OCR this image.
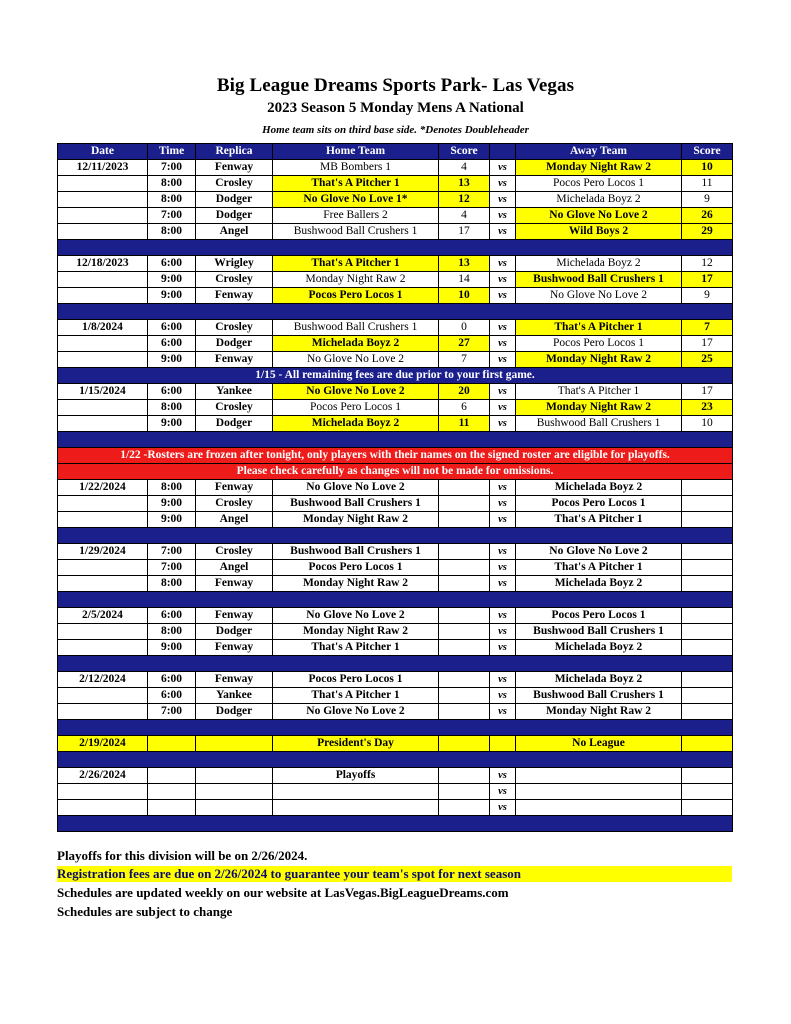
Big League Dreams Sports Park- Las Vegas
2023 Season 5 Monday Mens A National
Home team sits on third base side. *Denotes Doubleheader
Date	Time	Replica	Home Team	Score		Away Team	Score
12/11/2023	7:00	Fenway	MB Bombers 1	4	vs	Monday Night Raw 2	10
	8:00	Crosley	That's A Pitcher 1	13	vs	Pocos Pero Locos 1	11
	8:00	Dodger	No Glove No Love 1*	12	vs	Michelada Boyz 2	9
	7:00	Dodger	Free Ballers 2	4	vs	No Glove No Love 2	26
	8:00	Angel	Bushwood Ball Crushers 1	17	vs	Wild Boys 2	29

12/18/2023	6:00	Wrigley	That's A Pitcher 1	13	vs	Michelada Boyz 2	12
	9:00	Crosley	Monday Night Raw 2	14	vs	Bushwood Ball Crushers 1	17
	9:00	Fenway	Pocos Pero Locos 1	10	vs	No Glove No Love 2	9

1/8/2024	6:00	Crosley	Bushwood Ball Crushers 1	0	vs	That's A Pitcher 1	7
	6:00	Dodger	Michelada Boyz 2	27	vs	Pocos Pero Locos 1	17
	9:00	Fenway	No Glove No Love 2	7	vs	Monday Night Raw 2	25
1/15 - All remaining fees are due prior to your first game.							
1/15/2024	6:00	Yankee	No Glove No Love 2	20	vs	That's A Pitcher 1	17
	8:00	Crosley	Pocos Pero Locos 1	6	vs	Monday Night Raw 2	23
	9:00	Dodger	Michelada Boyz 2	11	vs	Bushwood Ball Crushers 1	10

1/22 -Rosters are frozen after tonight, only players with their names on the signed roster are eligible for playoffs.							
Please check carefully as changes will not be made for omissions.							
1/22/2024	8:00	Fenway	No Glove No Love 2		vs	Michelada Boyz 2	
	9:00	Crosley	Bushwood Ball Crushers 1		vs	Pocos Pero Locos 1	
	9:00	Angel	Monday Night Raw 2		vs	That's A Pitcher 1	

1/29/2024	7:00	Crosley	Bushwood Ball Crushers 1		vs	No Glove No Love 2	
	7:00	Angel	Pocos Pero Locos 1		vs	That's A Pitcher 1	
	8:00	Fenway	Monday Night Raw 2		vs	Michelada Boyz 2	

2/5/2024	6:00	Fenway	No Glove No Love 2		vs	Pocos Pero Locos 1	
	8:00	Dodger	Monday Night Raw 2		vs	Bushwood Ball Crushers 1	
	9:00	Fenway	That's A Pitcher 1		vs	Michelada Boyz 2	

2/12/2024	6:00	Fenway	Pocos Pero Locos 1		vs	Michelada Boyz 2	
	6:00	Yankee	That's A Pitcher 1		vs	Bushwood Ball Crushers 1	
	7:00	Dodger	No Glove No Love 2		vs	Monday Night Raw 2	

2/19/2024			President's Day			No League	

2/26/2024			Playoffs		vs		
					vs		
					vs		

Playoffs for this division will be on 2/26/2024.
Registration fees are due on 2/26/2024 to guarantee your team's spot for next season
Schedules are updated weekly on our website at LasVegas.BigLeagueDreams.com
Schedules are subject to change
